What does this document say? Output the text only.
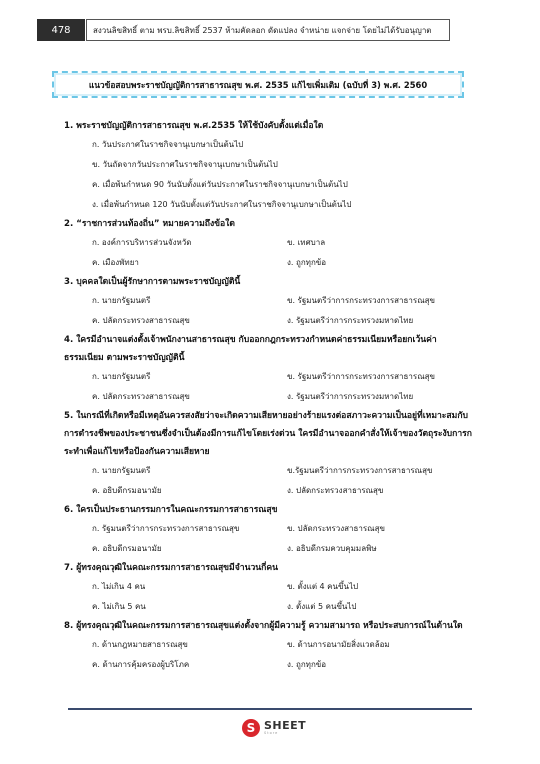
478	สงวนลิขสิทธิ์ ตาม พรบ.ลิขสิทธิ์ 2537 ห้ามคัดลอก ดัดแปลง จำหน่าย แจกจ่าย โดยไม่ได้รับอนุญาต
แนวข้อสอบพระราชบัญญัติการสาธารณสุข พ.ศ. 2535 แก้ไขเพิ่มเติม (ฉบับที่ 3) พ.ศ. 2560
1. พระราชบัญญัติการสาธารณสุข พ.ศ.2535 ให้ใช้บังคับตั้งแต่เมื่อใด
ก. วันประกาศในราชกิจจานุเบกษาเป็นต้นไป
ข. วันถัดจากวันประกาศในราชกิจจานุเบกษาเป็นต้นไป
ค. เมื่อพ้นกำหนด 90 วันนับตั้งแต่วันประกาศในราชกิจจานุเบกษาเป็นต้นไป
ง. เมื่อพ้นกำหนด 120 วันนับตั้งแต่วันประกาศในราชกิจจานุเบกษาเป็นต้นไป
2. “ราชการส่วนท้องถิ่น” หมายความถึงข้อใด
ก. องค์การบริหารส่วนจังหวัด	ข. เทศบาล
ค. เมืองพัทยา	ง. ถูกทุกข้อ
3. บุคคลใดเป็นผู้รักษาการตามพระราชบัญญัตินี้
ก. นายกรัฐมนตรี	ข. รัฐมนตรีว่าการกระทรวงการสาธารณสุข
ค. ปลัดกระทรวงสาธารณสุข	ง. รัฐมนตรีว่าการกระทรวงมหาดไทย
4. ใครมีอำนาจแต่งตั้งเจ้าพนักงานสาธารณสุข กับออกกฎกระทรวงกำหนดค่าธรรมเนียมหรือยกเว้นค่าธรรมเนียม ตามพระราชบัญญัตินี้
ก. นายกรัฐมนตรี	ข. รัฐมนตรีว่าการกระทรวงการสาธารณสุข
ค. ปลัดกระทรวงสาธารณสุข	ง. รัฐมนตรีว่าการกระทรวงมหาดไทย
5. ในกรณีที่เกิดหรือมีเหตุอันควรสงสัยว่าจะเกิดความเสียหายอย่างร้ายแรงต่อสภาวะความเป็นอยู่ที่เหมาะสมกับการดำรงชีพของประชาชนซึ่งจำเป็นต้องมีการแก้ไขโดยเร่งด่วน ใครมีอำนาจออกคำสั่งให้เจ้าของวัตถุระงับการกระทำเพื่อแก้ไขหรือป้องกันความเสียหาย
ก. นายกรัฐมนตรี	ข.รัฐมนตรีว่าการกระทรวงการสาธารณสุข
ค. อธิบดีกรมอนามัย	ง. ปลัดกระทรวงสาธารณสุข
6. ใครเป็นประธานกรรมการในคณะกรรมการสาธารณสุข
ก. รัฐมนตรีว่าการกระทรวงการสาธารณสุข	ข. ปลัดกระทรวงสาธารณสุข
ค. อธิบดีกรมอนามัย	ง. อธิบดีกรมควบคุมมลพิษ
7. ผู้ทรงคุณวุฒิในคณะกรรมการสาธารณสุขมีจำนวนกี่คน
ก. ไม่เกิน 4 คน	ข. ตั้งแต่ 4 คนขึ้นไป
ค. ไม่เกิน 5 คน	ง. ตั้งแต่ 5 คนขึ้นไป
8. ผู้ทรงคุณวุฒิในคณะกรรมการสาธารณสุขแต่งตั้งจากผู้มีความรู้ ความสามารถ หรือประสบการณ์ในด้านใด
ก. ด้านกฎหมายสาธารณสุข	ข. ด้านการอนามัยสิ่งแวดล้อม
ค. ด้านการคุ้มครองผู้บริโภค	ง. ถูกทุกข้อ
S SHEET
Store
